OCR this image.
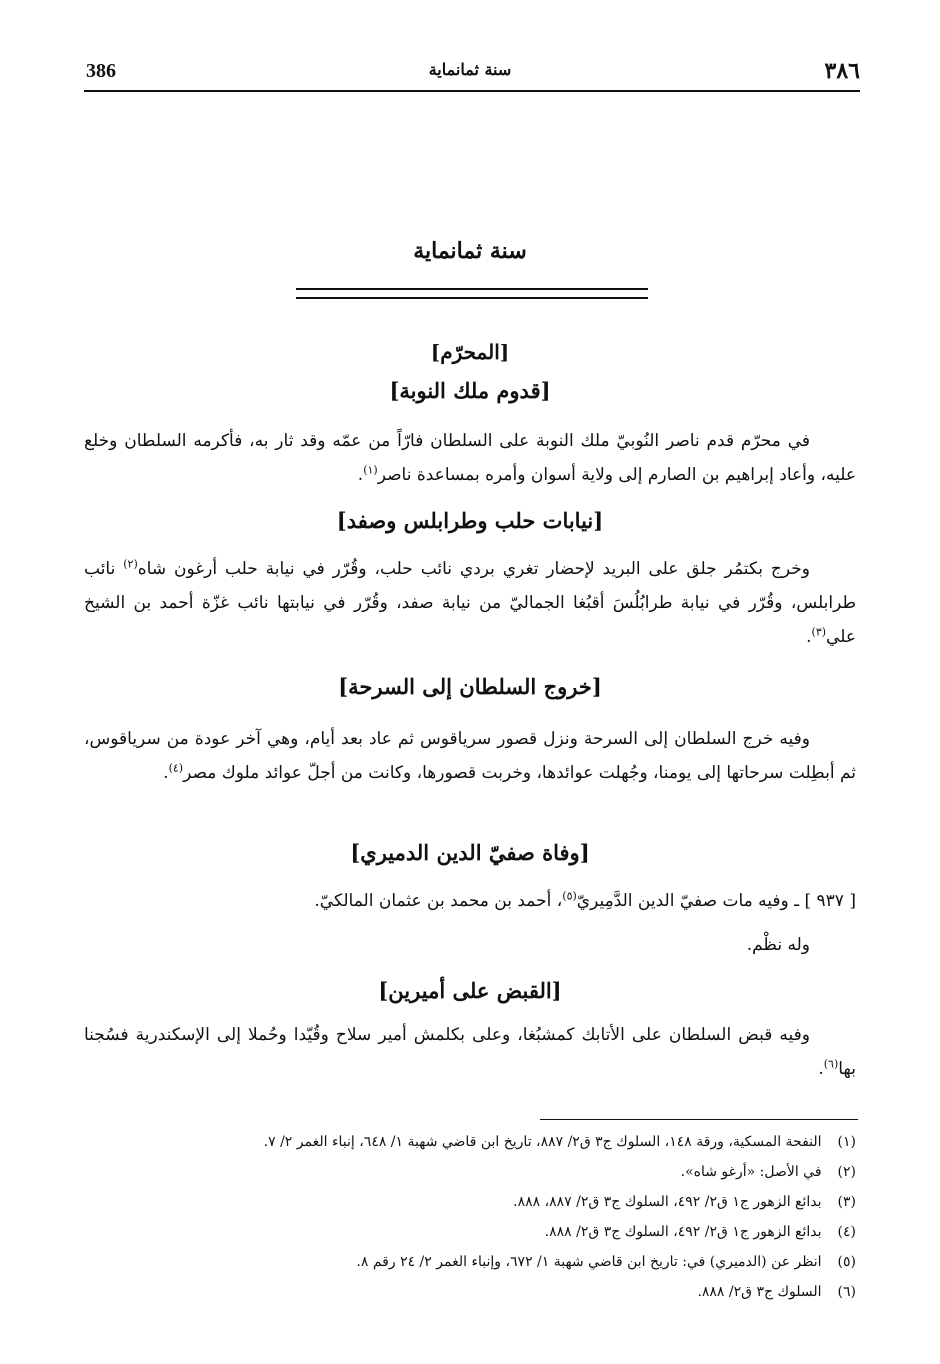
386	سنة ثمانماية	٣٨٦
سنة ثمانماية
[المحرّم]
[قدوم ملك النوبة]
في محرّم قدم ناصر النُوبيّ ملك النوبة على السلطان فارّاً من عمّه وقد ثار به، فأكرمه السلطان وخلع عليه، وأعاد إبراهيم بن الصارم إلى ولاية أسوان وأمره بمساعدة ناصر$^{(١)}$.
[نيابات حلب وطرابلس وصفد]
وخرج بكتمُر جلق على البريد لإحضار تغري بردي نائب حلب، وقُرّر في نيابة حلب أرغون شاه$^{(٢)}$ نائب طرابلس، وقُرّر في نيابة طرابُلُسَ أقبُغا الجماليّ من نيابة صفد، وقُرّر في نيابتها نائب غزّة أحمد بن الشيخ علي$^{(٣)}$.
[خروج السلطان إلى السرحة]
وفيه خرج السلطان إلى السرحة ونزل قصور سرياقوس ثم عاد بعد أيام، وهي آخر عودة من سرياقوس، ثم أبطِلت سرحاتها إلى يومنا، وجُهلت عوائدها، وخربت قصورها، وكانت من أجلّ عوائد ملوك مصر$^{(٤)}$.
[وفاة صفيّ الدين الدميري]
[ ٩٣٧ ] ـ وفيه مات صفيّ الدين الدَّمِيريّ$^{(٥)}$، أحمد بن محمد بن عثمان المالكيّ.
وله نظْم.
[القبض على أميرين]
وفيه قبض السلطان على الأتابك كمشبُغا، وعلى بكلمش أمير سلاح وقُيّدا وحُملا إلى الإسكندرية فسُجنا بها$^{(٦)}$.
(١) النفحة المسكية، ورقة ١٤٨، السلوك ج٣ ق٢/ ٨٨٧، تاريخ ابن قاضي شهبة ١/ ٦٤٨، إنباء الغمر ٢/ ٧.
(٢) في الأصل: «أرغو شاه».
(٣) بدائع الزهور ج١ ق٢/ ٤٩٢، السلوك ج٣ ق٢/ ٨٨٧، ٨٨٨.
(٤) بدائع الزهور ج١ ق٢/ ٤٩٢، السلوك ج٣ ق٢/ ٨٨٨.
(٥) انظر عن (الدميري) في: تاريخ ابن قاضي شهبة ١/ ٦٧٢، وإنباء الغمر ٢/ ٢٤ رقم ٨.
(٦) السلوك ج٣ ق٢/ ٨٨٨.
